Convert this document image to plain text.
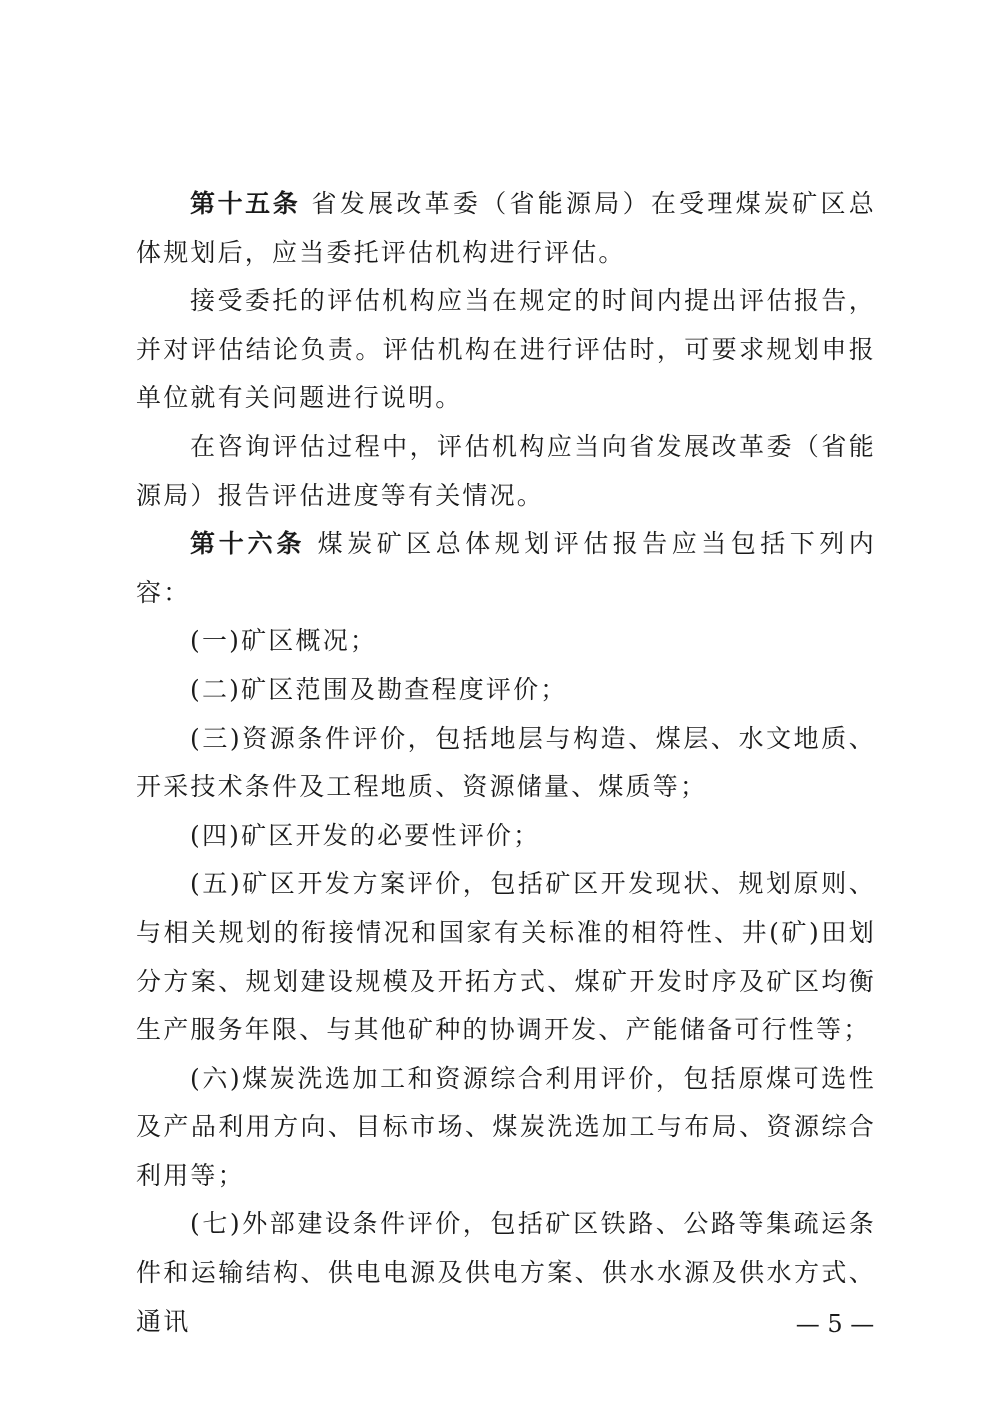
第十五条 省发展改革委（省能源局）在受理煤炭矿区总体规划后，应当委托评估机构进行评估。

接受委托的评估机构应当在规定的时间内提出评估报告，并对评估结论负责。评估机构在进行评估时，可要求规划申报单位就有关问题进行说明。

在咨询评估过程中，评估机构应当向省发展改革委（省能源局）报告评估进度等有关情况。

第十六条 煤炭矿区总体规划评估报告应当包括下列内容：

(一)矿区概况；

(二)矿区范围及勘查程度评价；

(三)资源条件评价，包括地层与构造、煤层、水文地质、开采技术条件及工程地质、资源储量、煤质等；

(四)矿区开发的必要性评价；

(五)矿区开发方案评价，包括矿区开发现状、规划原则、与相关规划的衔接情况和国家有关标准的相符性、井(矿)田划分方案、规划建设规模及开拓方式、煤矿开发时序及矿区均衡生产服务年限、与其他矿种的协调开发、产能储备可行性等；

(六)煤炭洗选加工和资源综合利用评价，包括原煤可选性及产品利用方向、目标市场、煤炭洗选加工与布局、资源综合利用等；

(七)外部建设条件评价，包括矿区铁路、公路等集疏运条件和运输结构、供电电源及供电方案、供水水源及供水方式、通讯	— 5 —
